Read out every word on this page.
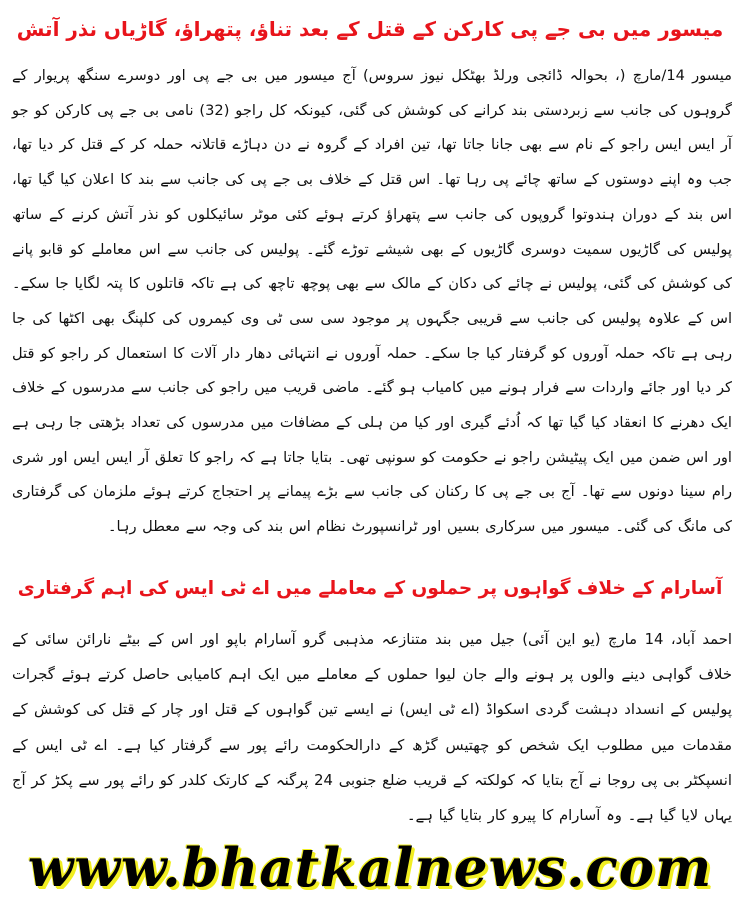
میسور میں بی جے پی کارکن کے قتل کے بعد تناؤ، پتھراؤ، گاڑیاں نذر آتش
میسور 14/مارچ (، بحوالہ ڈائجی ورلڈ بھٹکل نیوز سروس) آج میسور میں بی جے پی اور دوسرے سنگھ پریوار کے گروہوں کی جانب سے زبردستی بند کرانے کی کوشش کی گئی، کیونکہ کل راجو (32) نامی بی جے پی کارکن کو جو آر ایس ایس راجو کے نام سے بھی جانا جاتا تھا، تین افراد کے گروہ نے دن دہاڑے قاتلانہ حملہ کر کے قتل کر دیا تھا، جب وہ اپنے دوستوں کے ساتھ چائے پی رہا تھا۔ اس قتل کے خلاف بی جے پی کی جانب سے بند کا اعلان کیا گیا تھا، اس بند کے دوران ہندوتوا گروپوں کی جانب سے پتھراؤ کرتے ہوئے کئی موٹر سائیکلوں کو نذر آتش کرنے کے ساتھ پولیس کی گاڑیوں سمیت دوسری گاڑیوں کے بھی شیشے توڑے گئے۔ پولیس کی جانب سے اس معاملے کو قابو پانے کی کوشش کی گئی، پولیس نے چائے کی دکان کے مالک سے بھی پوچھ تاچھ کی ہے تاکہ قاتلوں کا پتہ لگایا جا سکے۔ اس کے علاوہ پولیس کی جانب سے قریبی جگہوں پر موجود سی سی ٹی وی کیمروں کی کلپنگ بھی اکٹھا کی جا رہی ہے تاکہ حملہ آوروں کو گرفتار کیا جا سکے۔ حملہ آوروں نے انتہائی دھار دار آلات کا استعمال کر راجو کو قتل کر دیا اور جائے واردات سے فرار ہونے میں کامیاب ہو گئے۔ ماضی قریب میں راجو کی جانب سے مدرسوں کے خلاف ایک دھرنے کا انعقاد کیا گیا تھا کہ اُدئے گیری اور کیا من ہلی کے مضافات میں مدرسوں کی تعداد بڑھتی جا رہی ہے اور اس ضمن میں ایک پیٹیشن راجو نے حکومت کو سونپی تھی۔ بتایا جاتا ہے کہ راجو کا تعلق آر ایس ایس اور شری رام سینا دونوں سے تھا۔ آج بی جے پی کا رکنان کی جانب سے بڑے پیمانے پر احتجاج کرتے ہوئے ملزمان کی گرفتاری کی مانگ کی گئی۔ میسور میں سرکاری بسیں اور ٹرانسپورٹ نظام اس بند کی وجہ سے معطل رہا۔
آسارام کے خلاف گواہوں پر حملوں کے معاملے میں اے ٹی ایس کی اہم گرفتاری
احمد آباد، 14 مارچ (یو این آئی) جیل میں بند متنازعہ مذہبی گرو آسارام باپو اور اس کے بیٹے نارائن سائی کے خلاف گواہی دینے والوں پر ہونے والے جان لیوا حملوں کے معاملے میں ایک اہم کامیابی حاصل کرتے ہوئے گجرات پولیس کے انسداد دہشت گردی اسکواڈ (اے ٹی ایس) نے ایسے تین گواہوں کے قتل اور چار کے قتل کی کوشش کے مقدمات میں مطلوب ایک شخص کو چھتیس گڑھ کے دارالحکومت رائے پور سے گرفتار کیا ہے۔ اے ٹی ایس کے انسپکٹر بی پی روجا نے آج بتایا کہ کولکتہ کے قریب ضلع جنوبی 24 پرگنہ کے کارتک کلدر کو رائے پور سے پکڑ کر آج یہاں لایا گیا ہے۔ وہ آسارام کا پیرو کار بتایا گیا ہے۔
www.bhatkalnews.com
